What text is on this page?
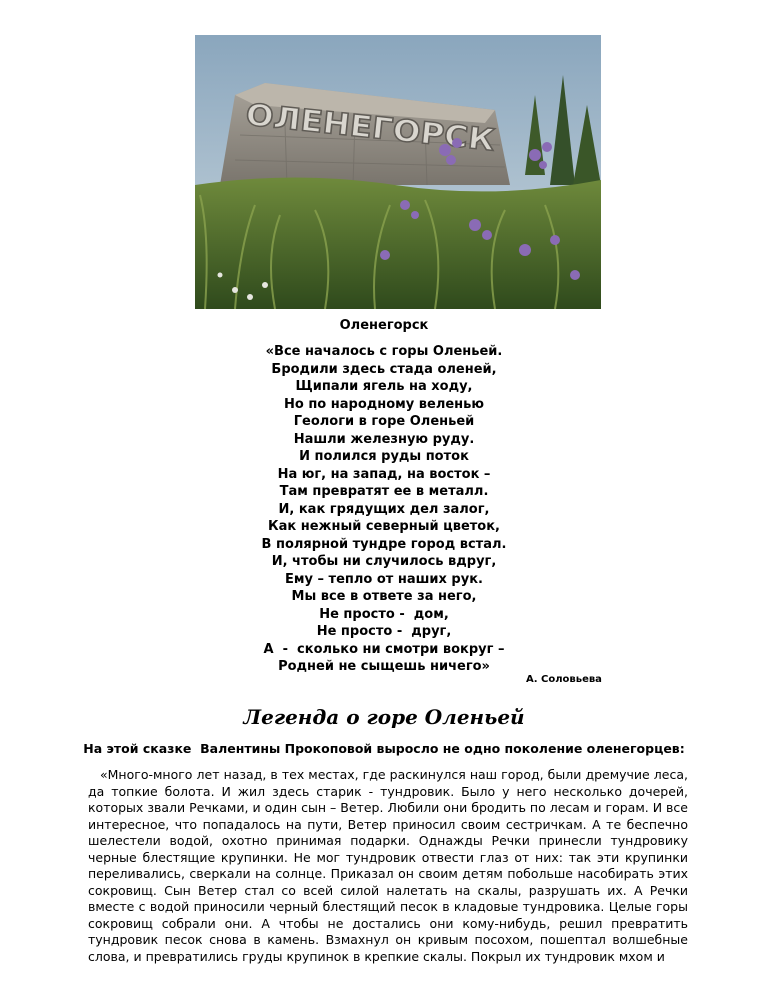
ОЛЕНЕГОРСК
Оленегорск
«Все началось с горы Оленьей.
Бродили здесь стада оленей,
Щипали ягель на ходу,
Но по народному веленью
Геологи в горе Оленьей
Нашли железную руду.
И полился руды поток
На юг, на запад, на восток –
Там превратят ее в металл.
И, как грядущих дел залог,
Как нежный северный цветок,
В полярной тундре город встал.
И, чтобы ни случилось вдруг,
Ему – тепло от наших рук.
Мы все в ответе за него,
Не просто -  дом,
Не просто -  друг,
А  -  сколько ни смотри вокруг –
Родней не сыщешь ничего»
А. Соловьева
Легенда о горе Оленьей
На этой сказке  Валентины Прокоповой выросло не одно поколение оленегорцев:
«Много-много лет назад, в тех местах, где раскинулся наш город, были дремучие леса, да топкие болота. И жил здесь старик - тундровик. Было у него несколько дочерей, которых звали Речками, и один сын – Ветер. Любили они бродить по лесам и горам. И все интересное, что попадалось на пути, Ветер приносил своим сестричкам. А те беспечно шелестели водой, охотно принимая подарки. Однажды Речки принесли тундровику черные блестящие крупинки. Не мог тундровик отвести глаз от них: так эти крупинки переливались, сверкали на солнце. Приказал он своим детям побольше насобирать этих сокровищ. Сын Ветер стал со всей силой налетать на скалы, разрушать их. А Речки вместе с водой приносили черный блестящий песок в кладовые тундровика. Целые горы сокровищ собрали они. А чтобы не достались они кому-нибудь, решил превратить тундровик песок снова в камень. Взмахнул он кривым посохом, пошептал волшебные слова, и превратились груды крупинок в крепкие скалы. Покрыл их тундровик мхом и
